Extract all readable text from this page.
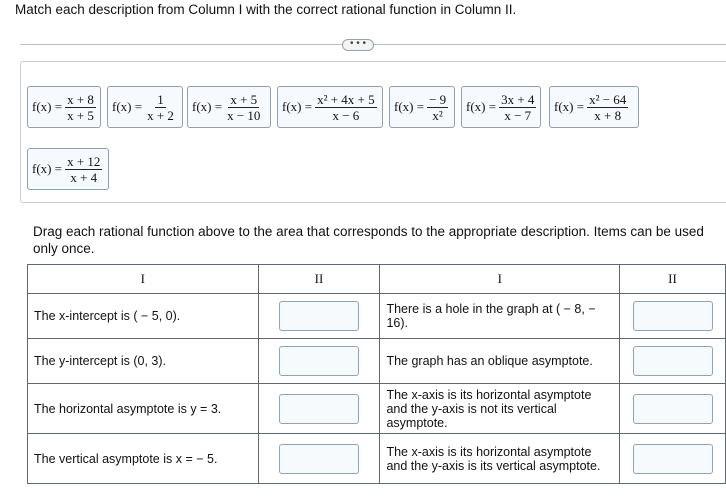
Match each description from Column I with the correct rational function in Column II.
• • •
$f(x) = \frac{x + 8}{x + 5} f(x) = \frac{1}{x + 2} f(x) = \frac{x + 5}{x - 10} f(x) = \frac{\text{x² + 4x + 5}}{x - 6} f(x) = \frac{- 9}{\text{x²}} f(x) = \frac{3x + 4}{x - 7} f(x) = \frac{\text{x² − 64}}{x + 8}$
$f(x) = \frac{x + 12}{x + 4}$
Drag each rational function above to the area that corresponds to the appropriate description. Items can be used only once.
I	II	I	II
The x-intercept is ( − 5, 0).		There is a hole in the graph at ( − 8, − 16).	

The y-intercept is (0, 3).		The graph has an oblique asymptote.	

The horizontal asymptote is y = 3.		The x-axis is its horizontal asymptote and the y-axis is not its vertical asymptote.	

The vertical asymptote is x = − 5.		The x-axis is its horizontal asymptote and the y-axis is its vertical asymptote.	
